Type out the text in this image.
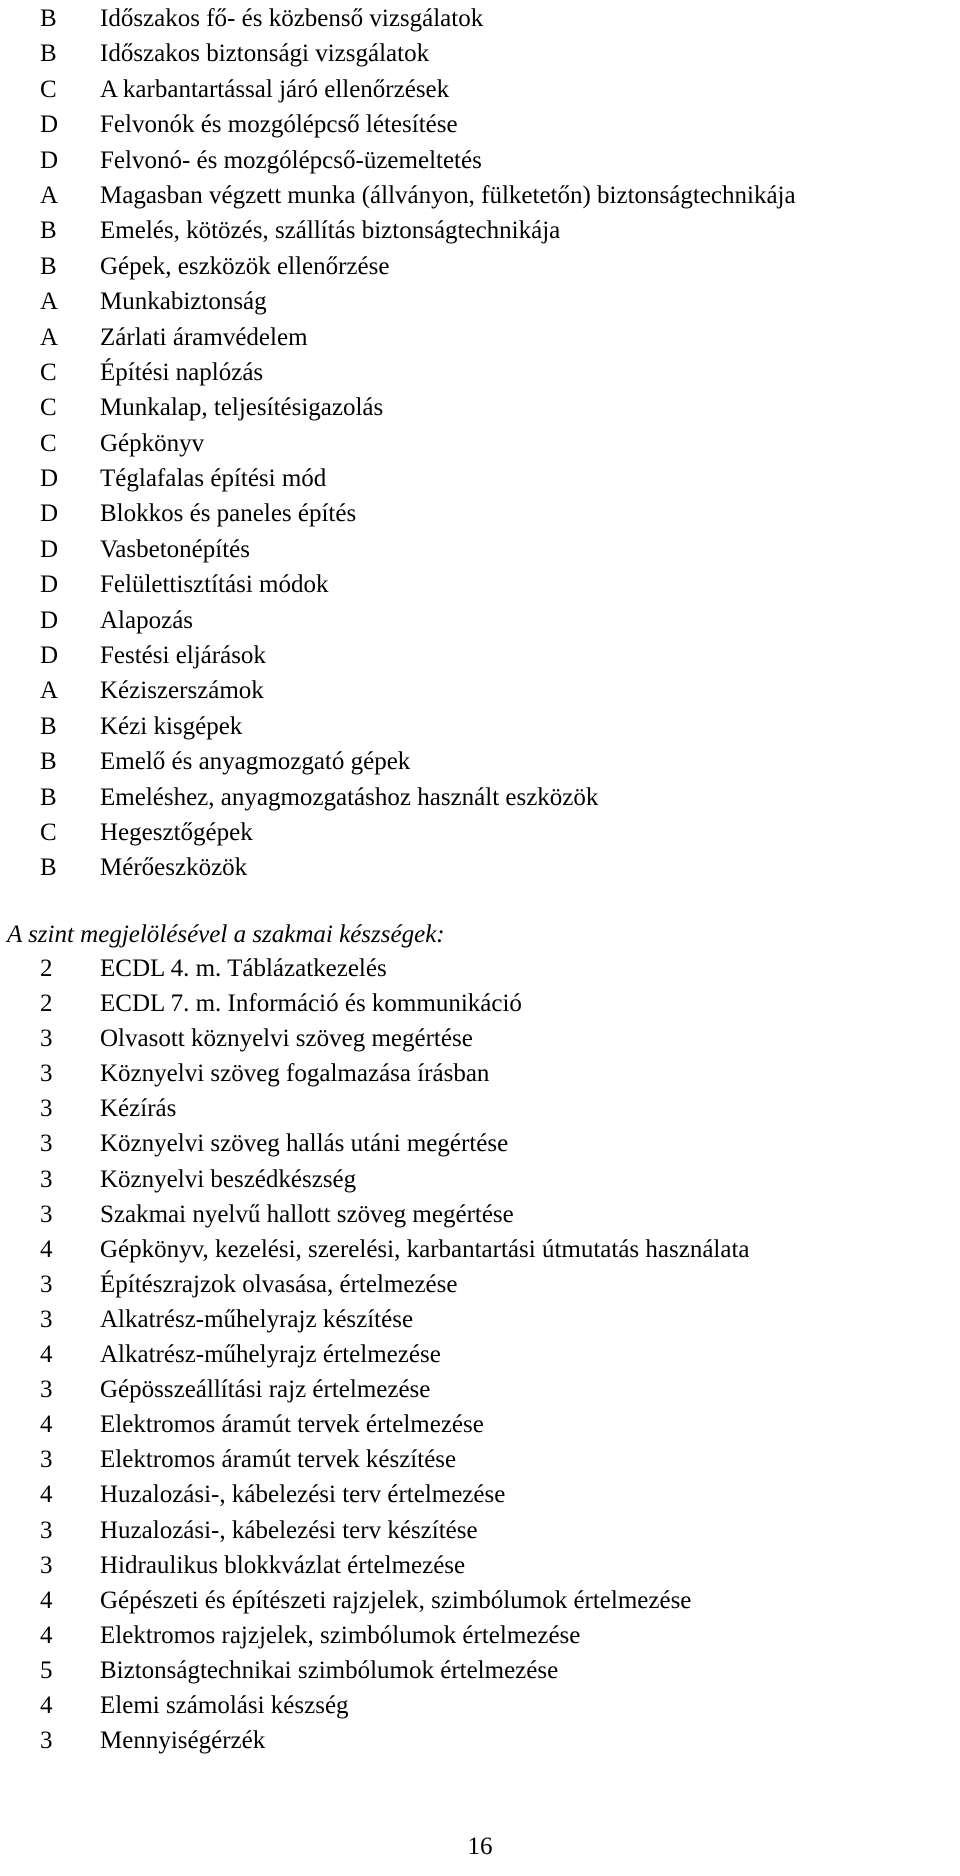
B Időszakos fő- és közbenső vizsgálatok
B Időszakos biztonsági vizsgálatok
C A karbantartással járó ellenőrzések
D Felvonók és mozgólépcső létesítése
D Felvonó- és mozgólépcső-üzemeltetés
A Magasban végzett munka (állványon, fülketetőn) biztonságtechnikája
B Emelés, kötözés, szállítás biztonságtechnikája
B Gépek, eszközök ellenőrzése
A Munkabiztonság
A Zárlati áramvédelem
C Építési naplózás
C Munkalap, teljesítésigazolás
C Gépkönyv
D Téglafalas építési mód
D Blokkos és paneles építés
D Vasbetonépítés
D Felülettisztítási módok
D Alapozás
D Festési eljárások
A Kéziszerszámok
B Kézi kisgépek
B Emelő és anyagmozgató gépek
B Emeléshez, anyagmozgatáshoz használt eszközök
C Hegesztőgépek
B Mérőeszközök
A szint megjelölésével a szakmai készségek:
2 ECDL 4. m. Táblázatkezelés
2 ECDL 7. m. Információ és kommunikáció
3 Olvasott köznyelvi szöveg megértése
3 Köznyelvi szöveg fogalmazása írásban
3 Kézírás
3 Köznyelvi szöveg hallás utáni megértése
3 Köznyelvi beszédkészség
3 Szakmai nyelvű hallott szöveg megértése
4 Gépkönyv, kezelési, szerelési, karbantartási útmutatás használata
3 Építészrajzok olvasása, értelmezése
3 Alkatrész-műhelyrajz készítése
4 Alkatrész-műhelyrajz értelmezése
3 Gépösszeállítási rajz értelmezése
4 Elektromos áramút tervek értelmezése
3 Elektromos áramút tervek készítése
4 Huzalozási-, kábelezési terv értelmezése
3 Huzalozási-, kábelezési terv készítése
3 Hidraulikus blokkvázlat értelmezése
4 Gépészeti és építészeti rajzjelek, szimbólumok értelmezése
4 Elektromos rajzjelek, szimbólumok értelmezése
5 Biztonságtechnikai szimbólumok értelmezése
4 Elemi számolási készség
3 Mennyiségérzék
16
